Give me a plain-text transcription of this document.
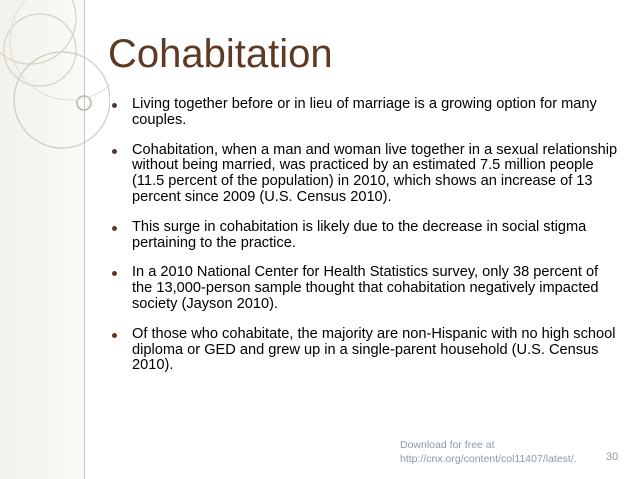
Cohabitation
Living together before or in lieu of marriage is a growing option for many couples.
Cohabitation, when a man and woman live together in a sexual relationship without being married, was practiced by an estimated 7.5 million people (11.5 percent of the population) in 2010, which shows an increase of 13 percent since 2009 (U.S. Census 2010).
This surge in cohabitation is likely due to the decrease in social stigma pertaining to the practice.
In a 2010 National Center for Health Statistics survey, only 38 percent of the 13,000-person sample thought that cohabitation negatively impacted society (Jayson 2010).
Of those who cohabitate, the majority are non-Hispanic with no high school diploma or GED and grew up in a single-parent household (U.S. Census 2010).
Download for free at
http://cnx.org/content/col11407/latest/.	30
